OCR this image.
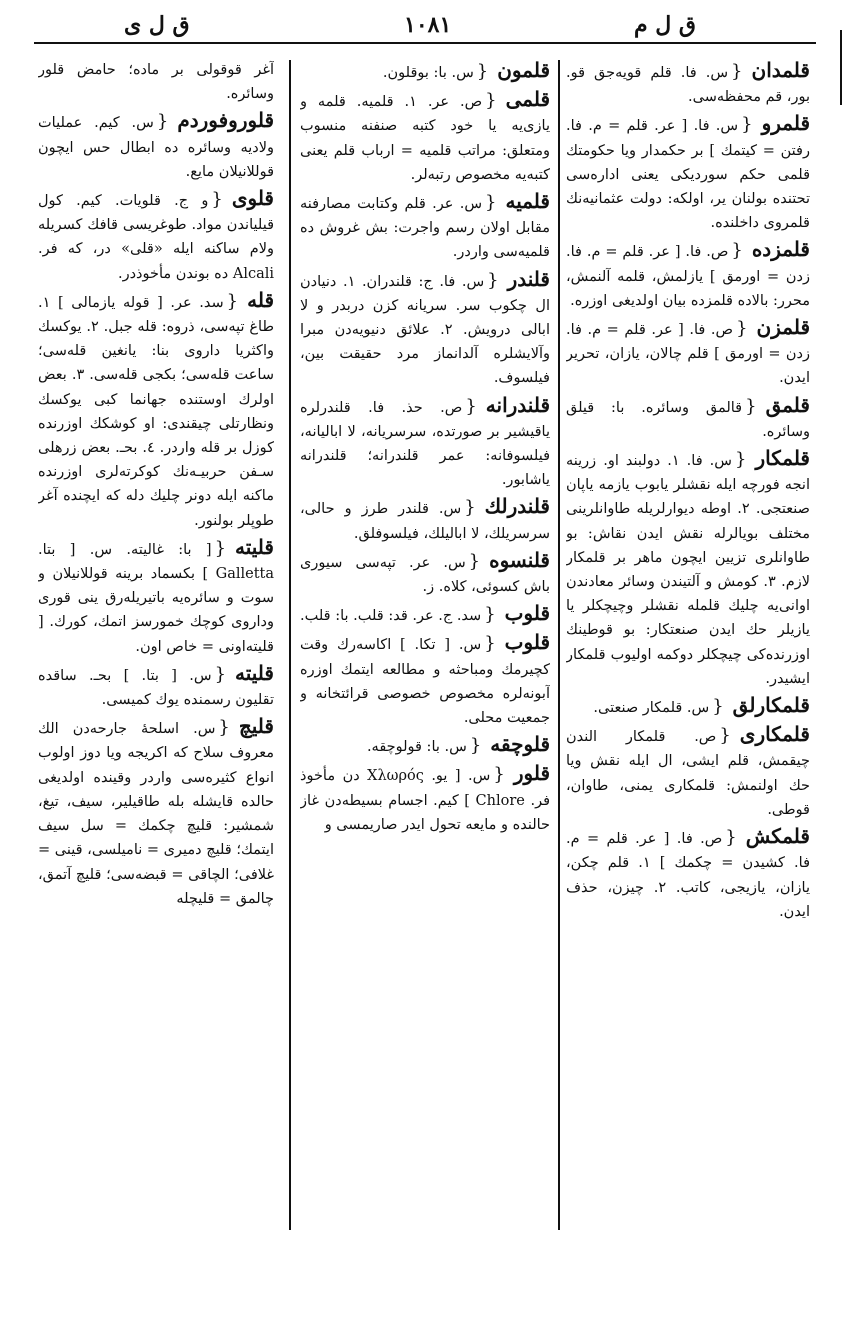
ق ل ی	١٠٨١	ق ل م
قلمدان{س. فا. قلم قویه‌جق قو. بور، قم محفظه‌سی.
قلمرو{س. فا. [ عر. قلم = م. فا. رفتن = کیتمك ] بر حکمدار ویا حکومتك قلمی حکم سوردیکی یعنی اداره‌سی تحتنده بولنان یر، اولکه: دولت عثمانیه‌نك قلمروی داخلنده.
قلمزده{ص. فا. [ عر. قلم = م. فا. زدن = اورمق ] یازلمش، قلمه آلنمش، محرر: بالاده قلمزده بیان اولدیغی اوزره.
قلمزن{ص. فا. [ عر. قلم = م. فا. زدن = اورمق ] قلم چالان، یازان، تحریر ایدن.
قلمق{قالمق وسائره. با: قیلق وسائره.
قلمکار{س. فا. ١. دولبند او. زرینه انجه فورچه ایله نقشلر یابوب یازمه یاپان صنعتجی. ٢. اوطه دیوارلریله طاوانلرینی مختلف بویالرله نقش ایدن نقاش: بو طاوانلری تزیین ایچون ماهر بر قلمکار لازم. ٣. کومش و آلتیندن وسائر معادندن اوانی‌یه چلیك قلمله نقشلر وچیچکلر یا یازیلر حك ایدن صنعتکار: بو قوطینك اوزرنده‌کی چیچکلر دوکمه اولیوب قلمکار ایشیدر.
قلمکارلق{س. قلمکار صنعتی.
قلمکاری{ص. قلمکار الندن چیقمش، قلم ایشی، ال ایله نقش ویا حك اولنمش: قلمکاری یمنی، طاوان، قوطی.
قلمکش{ص. فا. [ عر. قلم = م. فا. کشیدن = چکمك ] ١. قلم چکن، یازان، یازیجی، کاتب. ٢. چیزن، حذف ایدن.
قلمون{س. با: بوقلون.
قلمی{ص. عر. ١. قلمیه. قلمه و یازی‌یه یا خود کتبه صنفنه منسوب ومتعلق: مراتب قلمیه = ارباب قلم یعنی کتبه‌یه مخصوص رتبه‌لر.
قلمیه{س. عر. قلم وکتابت مصارفنه مقابل اولان رسم واجرت: بش غروش ده قلمیه‌سی واردر.
قلندر{س. فا. ج: قلندران. ١. دنیادن ال چکوب سر. سریانه کزن دربدر و لا ابالی درویش. ٢. علائق دنیویه‌دن مبرا وآلایشلره آلدانماز مرد حقیقت بین، فیلسوف.
قلندرانه{ص. حذ. فا. قلندرلره یاقیشیر بر صورتده، سرسریانه، لا ابالیانه، فیلسوفانه: عمر قلندرانه؛ قلندرانه یاشابور.
قلندرلك{س. قلندر طرز و حالی، سرسریلك، لا ابالیلك، فیلسوفلق.
قلنسوه{س. عر. تپه‌سی سیوری باش کسوئی، کلاه. ز.
قلوب{سد. ج. عر. قد: قلب. با: قلب.
قلوب{س. [ تکا. ] اکاسه‌رك وقت کچیرمك ومباحثه و مطالعه ایتمك اوزره آبونه‌لره مخصوص خصوصی قرائتخانه و جمعیت محلی.
قلوچقه{س. با: قولوچقه.
قلور{س. [ یو. Χλωρός دن مأخوذ فر. Chlore ] کیم. اجسام بسیطه‌دن غاز حالنده و مایعه تحول ایدر صاریمسی و
آغر قوقولی بر ماده؛ حامض قلور وسائره.
قلوروفوردم{س. کیم. عملیات ولادیه وسائره ده ابطال حس ایچون قوللانیلان مایع.
قلوی{و ج. قلویات. کیم. کول قیلیاندن مواد. طوغریسی قافك کسریله ولام ساکنه ایله «قلی» در، که فر. Alcali ده بوندن مأخوذدر.
قله{سد. عر. [ قوله یازمالی ] ١. طاغ تپه‌سی، ذروه: قله جبل. ٢. یوکسك واکثریا داروی بنا: یانغین قله‌سی؛ ساعت قله‌سی؛ بکجی قله‌سی. ٣. بعض اولرك اوستنده جهانما کبی یوکسك ونظارتلی چیقندی: او کوشکك اوزرنده کوزل بر قله واردر. ٤. بحـ. بعض زرهلی سـفن حربیـه‌نك کوکرته‌لری اوزرنده ماکنه ایله دونر چلیك دله که ایچنده آغر طوپلر بولنور.
قلیته{[ با: غالیته. س. [ بتا. Galletta ] بکسماد برینه قوللانیلان و سوت و سائره‌یه باتیریله‌رق ینی قوری وداروی کوچك خمورسز اتمك، کورك. [ قلیته‌اونی = خاص اون.
قلیته{س. [ بتا. ] بحـ. ساقده تقلیون رسمنده یوك کمیسی.
قلیچ{س. اسلحهٔ جارحه‌دن الك معروف سلاح که اکریجه ویا دوز اولوب انواع کثیره‌سی واردر وقینده اولدیغی حالده قایشله بله طاقیلیر، سیف، تیغ، شمشیر: قلیچ چکمك = سل سیف ایتمك؛ قلیچ دمیری = نامیلسی، قینی = غلافی؛ الچاقی = قبضه‌سی؛ قلیچ آتمق، چالمق = قلیچله
